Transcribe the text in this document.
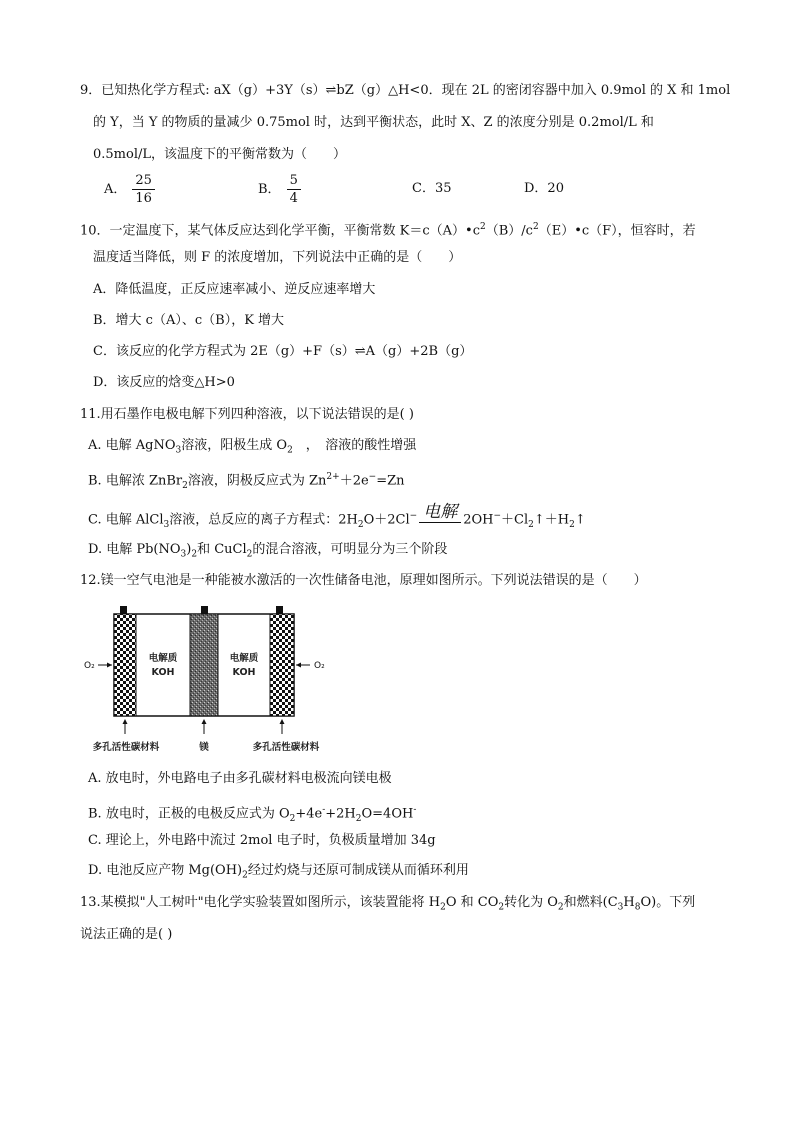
9．已知热化学方程式: aX（g）+3Y（s）⇌bZ（g）△H<0．现在 2L 的密闭容器中加入 0.9mol 的 X 和 1mol
的 Y，当 Y 的物质的量减少 0.75mol 时，达到平衡状态，此时 X、Z 的浓度分别是 0.2mol/L 和
0.5mol/L，该温度下的平衡常数为（　　）
A． $\frac{25}{16}$	B． $\frac{5}{4}$	C．35	D．20
10．一定温度下，某气体反应达到化学平衡，平衡常数 $K=c(A)•c^2(B)/c^2(E)•c(F)$，恒容时，若
温度适当降低，则 F 的浓度增加，下列说法中正确的是（　　）
A．降低温度，正反应速率减小、逆反应速率增大
B．增大 c（A）、c（B），K 增大
C．该反应的化学方程式为 2E（g）+F（s）⇌A（g）+2B（g）
D．该反应的焓变△H>0
11.用石墨作电极电解下列四种溶液，以下说法错误的是( )
A. 电解 AgNO$_3$溶液，阳极生成 $O_2$　，　溶液的酸性增强
B. 电解浓 ZnBr$_2$溶液，阴极反应式为 $Zn^{2+}+2e^-=Zn$
C. 电解 AlCl$_3$溶液，总反应的离子方程式：$2H_2O+2Cl^-$ 电解 $2OH^-+Cl_2↑+H_2↑$
D. 电解 $Pb(NO_3)_2$和 CuCl$_2$的混合溶液，可明显分为三个阶段
12.镁一空气电池是一种能被水激活的一次性储备电池，原理如图所示。下列说法错误的是（　　）
O₂	O₂
电解质
KOH
电解质
KOH
多孔活性碳材料	镁	多孔活性碳材料
A. 放电时，外电路电子由多孔碳材料电极流向镁电极
B. 放电时，正极的电极反应式为 $O_2+4e^-+2H_2O=4OH^-$
C. 理论上，外电路中流过 2mol 电子时，负极质量增加 34g
D. 电池反应产物 $Mg(OH)_2$经过灼烧与还原可制成镁从而循环利用
13.某模拟"人工树叶"电化学实验装置如图所示，该装置能将 $H_2O$ 和 $CO_2$转化为 $O_2$和燃料$(C_3H_8O)$。下列
说法正确的是( )
